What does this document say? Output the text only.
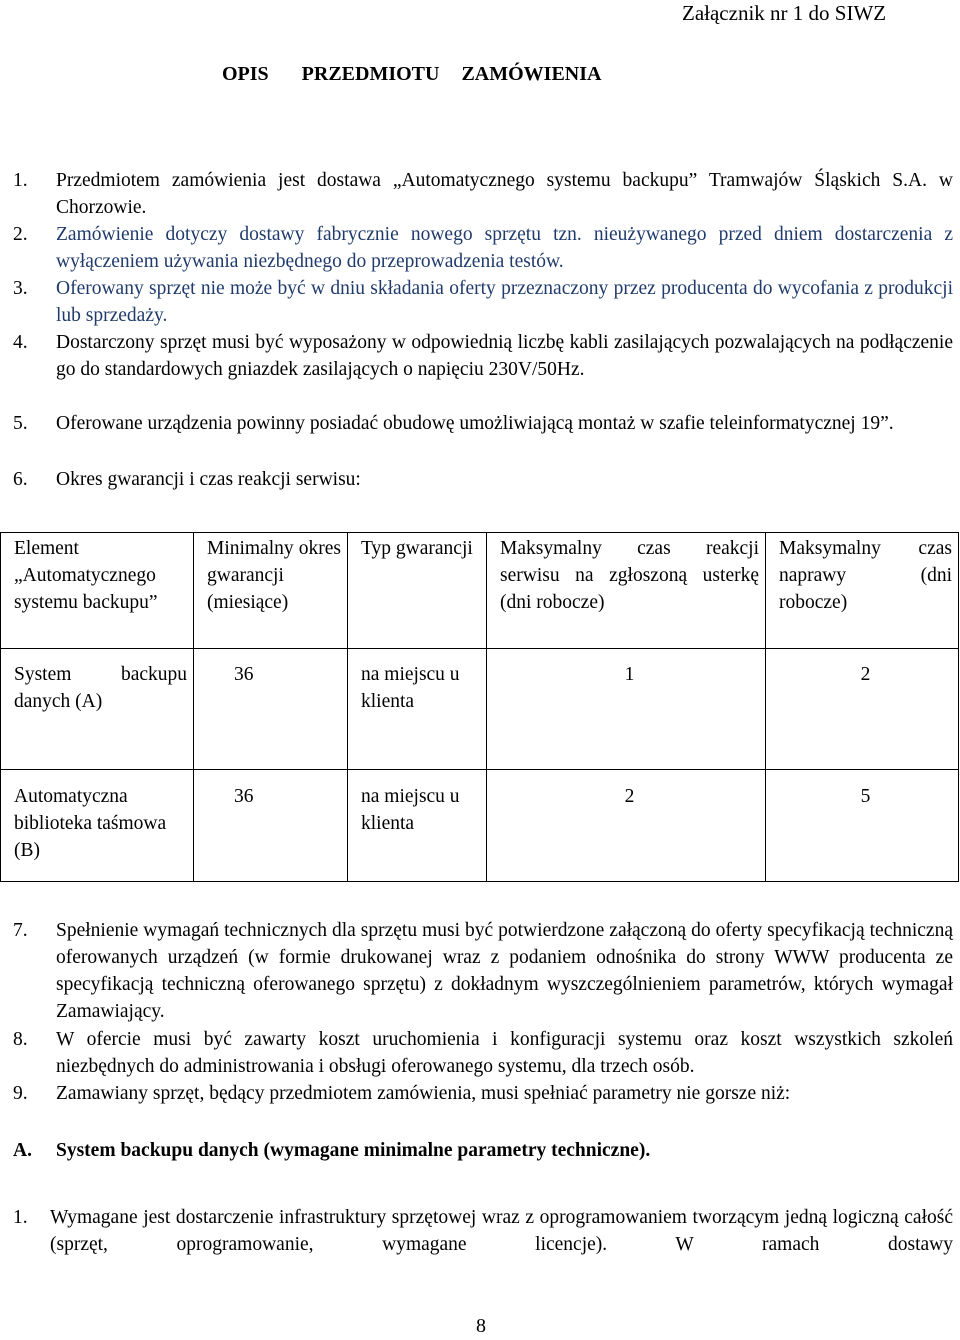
Załącznik nr 1 do SIWZ
OPIS   PRZEDMIOTU  ZAMÓWIENIA
1. Przedmiotem zamówienia jest dostawa „Automatycznego systemu backupu” Tramwajów Śląskich S.A. w Chorzowie.
2. Zamówienie dotyczy dostawy fabrycznie nowego sprzętu tzn. nieużywanego przed dniem dostarczenia z wyłączeniem używania niezbędnego do przeprowadzenia testów.
3. Oferowany sprzęt nie może być w dniu składania oferty przeznaczony przez producenta do wycofania z produkcji lub sprzedaży.
4. Dostarczony sprzęt musi być wyposażony w odpowiednią liczbę kabli zasilających pozwalających na podłączenie go do standardowych gniazdek zasilających o napięciu 230V/50Hz.
5. Oferowane urządzenia powinny posiadać obudowę umożliwiającą montaż w szafie teleinformatycznej 19”.
6. Okres gwarancji i czas reakcji serwisu:
Element „Automatycznego systemu backupu”	Minimalny okres gwarancji (miesiące)	Typ gwarancji	Maksymalny czas reakcji serwisu na zgłoszoną usterkę (dni robocze)	Maksymalny czas naprawy (dni robocze)
System backupu danych (A)	36	na miejscu u klienta	1	2
Automatyczna biblioteka taśmowa (B)	36	na miejscu u klienta	2	5
7. Spełnienie wymagań technicznych dla sprzętu musi być potwierdzone załączoną do oferty specyfikacją techniczną oferowanych urządzeń (w formie drukowanej wraz z podaniem odnośnika do strony WWW producenta ze specyfikacją techniczną oferowanego sprzętu) z dokładnym wyszczególnieniem parametrów, których wymagał Zamawiający.
8. W ofercie musi być zawarty koszt uruchomienia i konfiguracji systemu oraz koszt wszystkich szkoleń niezbędnych do administrowania i obsługi oferowanego systemu, dla trzech osób.
9. Zamawiany sprzęt, będący przedmiotem zamówienia, musi spełniać parametry nie gorsze niż:
A. System backupu danych (wymagane minimalne parametry techniczne).
1. Wymagane jest dostarczenie infrastruktury sprzętowej wraz z oprogramowaniem tworzącym jedną logiczną całość (sprzęt, oprogramowanie, wymagane licencje). W ramach dostawy
8
